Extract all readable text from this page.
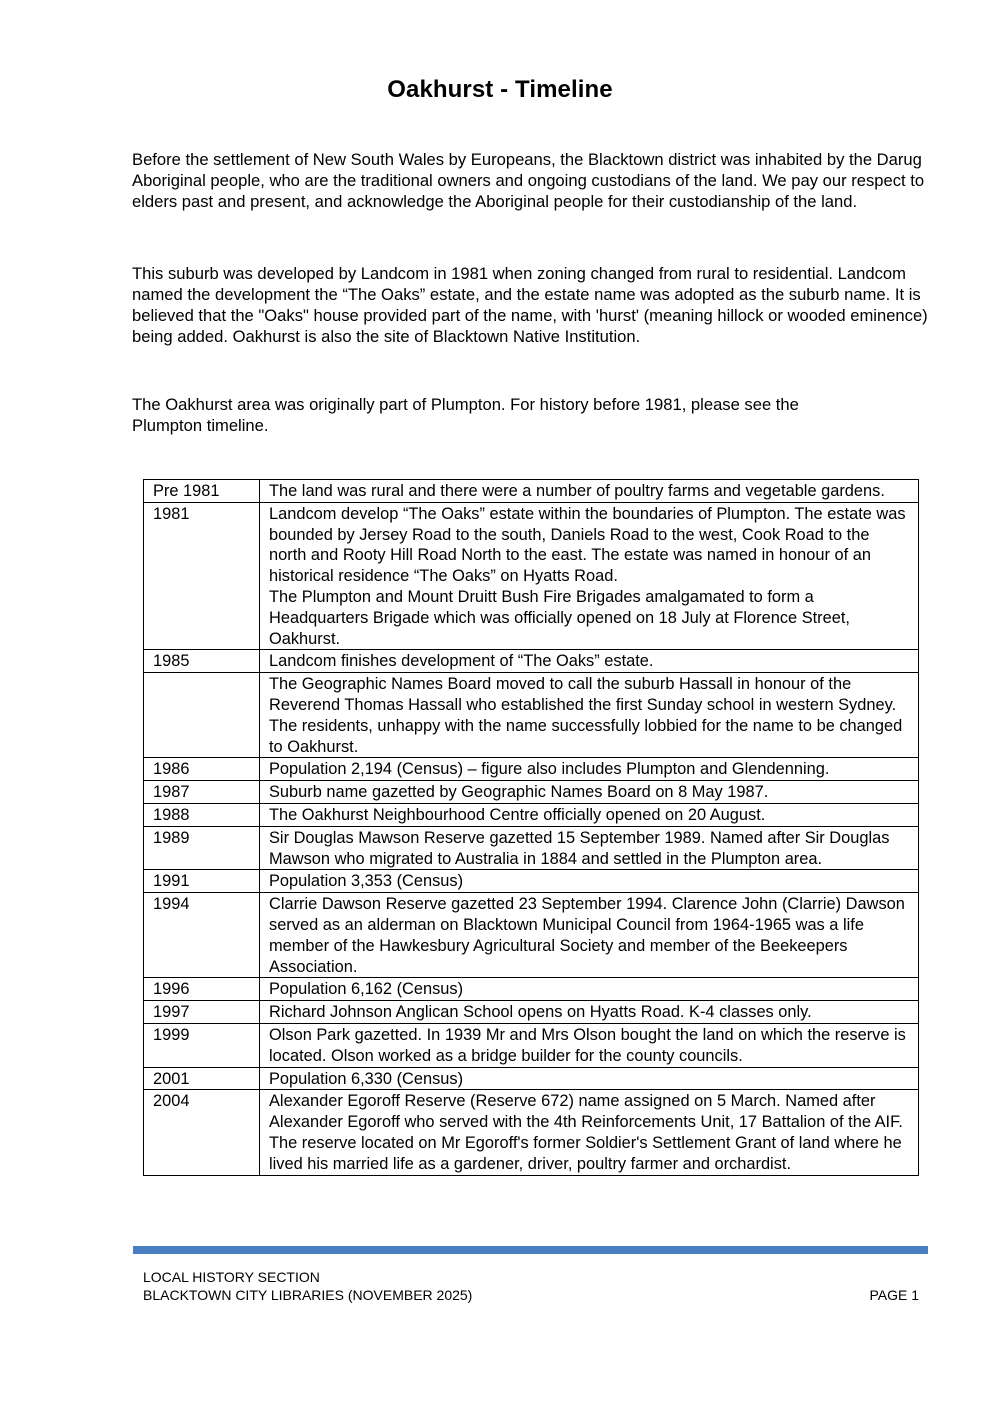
Oakhurst - Timeline

Before the settlement of New South Wales by Europeans, the Blacktown district was inhabited by the Darug Aboriginal people, who are the traditional owners and ongoing custodians of the land. We pay our respect to elders past and present, and acknowledge the Aboriginal people for their custodianship of the land.

This suburb was developed by Landcom in 1981 when zoning changed from rural to residential. Landcom named the development the “The Oaks” estate, and the estate name was adopted as the suburb name. It is believed that the "Oaks" house provided part of the name, with 'hurst' (meaning hillock or wooded eminence) being added. Oakhurst is also the site of Blacktown Native Institution.

The Oakhurst area was originally part of Plumpton. For history before 1981, please see the Plumpton timeline.

Pre 1981	The land was rural and there were a number of poultry farms and vegetable gardens.

1981	Landcom develop “The Oaks” estate within the boundaries of Plumpton. The estate was bounded by Jersey Road to the south, Daniels Road to the west, Cook Road to the north and Rooty Hill Road North to the east. The estate was named in honour of an historical residence “The Oaks” on Hyatts Road.
The Plumpton and Mount Druitt Bush Fire Brigades amalgamated to form a Headquarters Brigade which was officially opened on 18 July at Florence Street, Oakhurst.

1985	Landcom finishes development of “The Oaks” estate.

	The Geographic Names Board moved to call the suburb Hassall in honour of the Reverend Thomas Hassall who established the first Sunday school in western Sydney. The residents, unhappy with the name successfully lobbied for the name to be changed to Oakhurst.

1986	Population 2,194 (Census) – figure also includes Plumpton and Glendenning.

1987	Suburb name gazetted by Geographic Names Board on 8 May 1987.

1988	The Oakhurst Neighbourhood Centre officially opened on 20 August.

1989	Sir Douglas Mawson Reserve gazetted 15 September 1989. Named after Sir Douglas Mawson who migrated to Australia in 1884 and settled in the Plumpton area.

1991	Population 3,353 (Census)

1994	Clarrie Dawson Reserve gazetted 23 September 1994. Clarence John (Clarrie) Dawson served as an alderman on Blacktown Municipal Council from 1964-1965 was a life member of the Hawkesbury Agricultural Society and member of the Beekeepers Association.

1996	Population 6,162 (Census)

1997	Richard Johnson Anglican School opens on Hyatts Road. K-4 classes only.

1999	Olson Park gazetted. In 1939 Mr and Mrs Olson bought the land on which the reserve is located. Olson worked as a bridge builder for the county councils.

2001	Population 6,330 (Census)

2004	Alexander Egoroff Reserve (Reserve 672) name assigned on 5 March. Named after Alexander Egoroff who served with the 4th Reinforcements Unit, 17 Battalion of the AIF. The reserve located on Mr Egoroff's former Soldier's Settlement Grant of land where he lived his married life as a gardener, driver, poultry farmer and orchardist.
LOCAL HISTORY SECTION
BLACKTOWN CITY LIBRARIES (NOVEMBER 2025)	PAGE 1
